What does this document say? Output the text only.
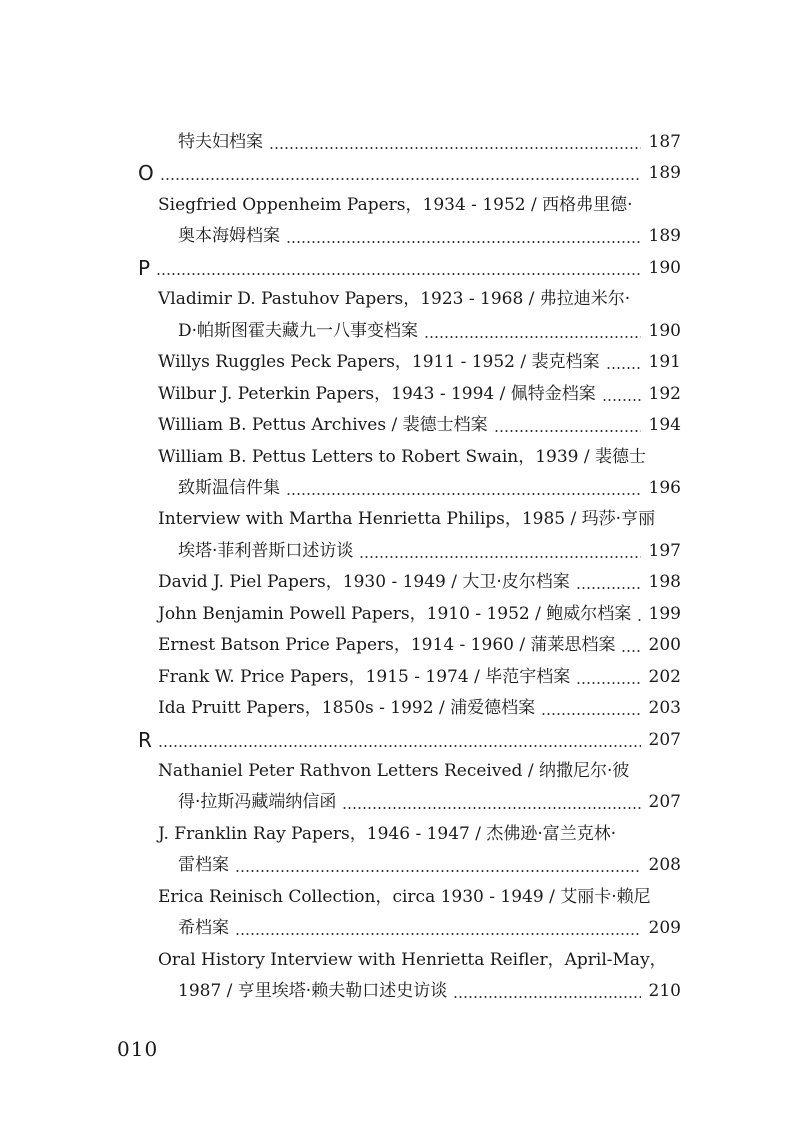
特夫妇档案	187
O	189
Siegfried Oppenheim Papers，1934 - 1952 / 西格弗里德·
奥本海姆档案	189
P	190
Vladimir D. Pastuhov Papers，1923 - 1968 / 弗拉迪米尔·
D·帕斯图霍夫藏九一八事变档案	190
Willys Ruggles Peck Papers，1911 - 1952 / 裴克档案	191
Wilbur J. Peterkin Papers，1943 - 1994 / 佩特金档案	192
William B. Pettus Archives / 裴德士档案	194
William B. Pettus Letters to Robert Swain，1939 / 裴德士
致斯温信件集	196
Interview with Martha Henrietta Philips，1985 / 玛莎·亨丽
埃塔·菲利普斯口述访谈	197
David J. Piel Papers，1930 - 1949 / 大卫·皮尔档案	198
John Benjamin Powell Papers，1910 - 1952 / 鲍威尔档案 199
Ernest Batson Price Papers，1914 - 1960 / 蒲莱思档案 200
Frank W. Price Papers，1915 - 1974 / 毕范宇档案	202
Ida Pruitt Papers，1850s - 1992 / 浦爱德档案	203
R	207
Nathaniel Peter Rathvon Letters Received / 纳撒尼尔·彼
得·拉斯冯藏端纳信函	207
J. Franklin Ray Papers，1946 - 1947 / 杰佛逊·富兰克林·
雷档案	208
Erica Reinisch Collection，circa 1930 - 1949 / 艾丽卡·赖尼
希档案	209
Oral History Interview with Henrietta Reifler，April-May，
1987 / 亨里埃塔·赖夫勒口述史访谈	210
010
